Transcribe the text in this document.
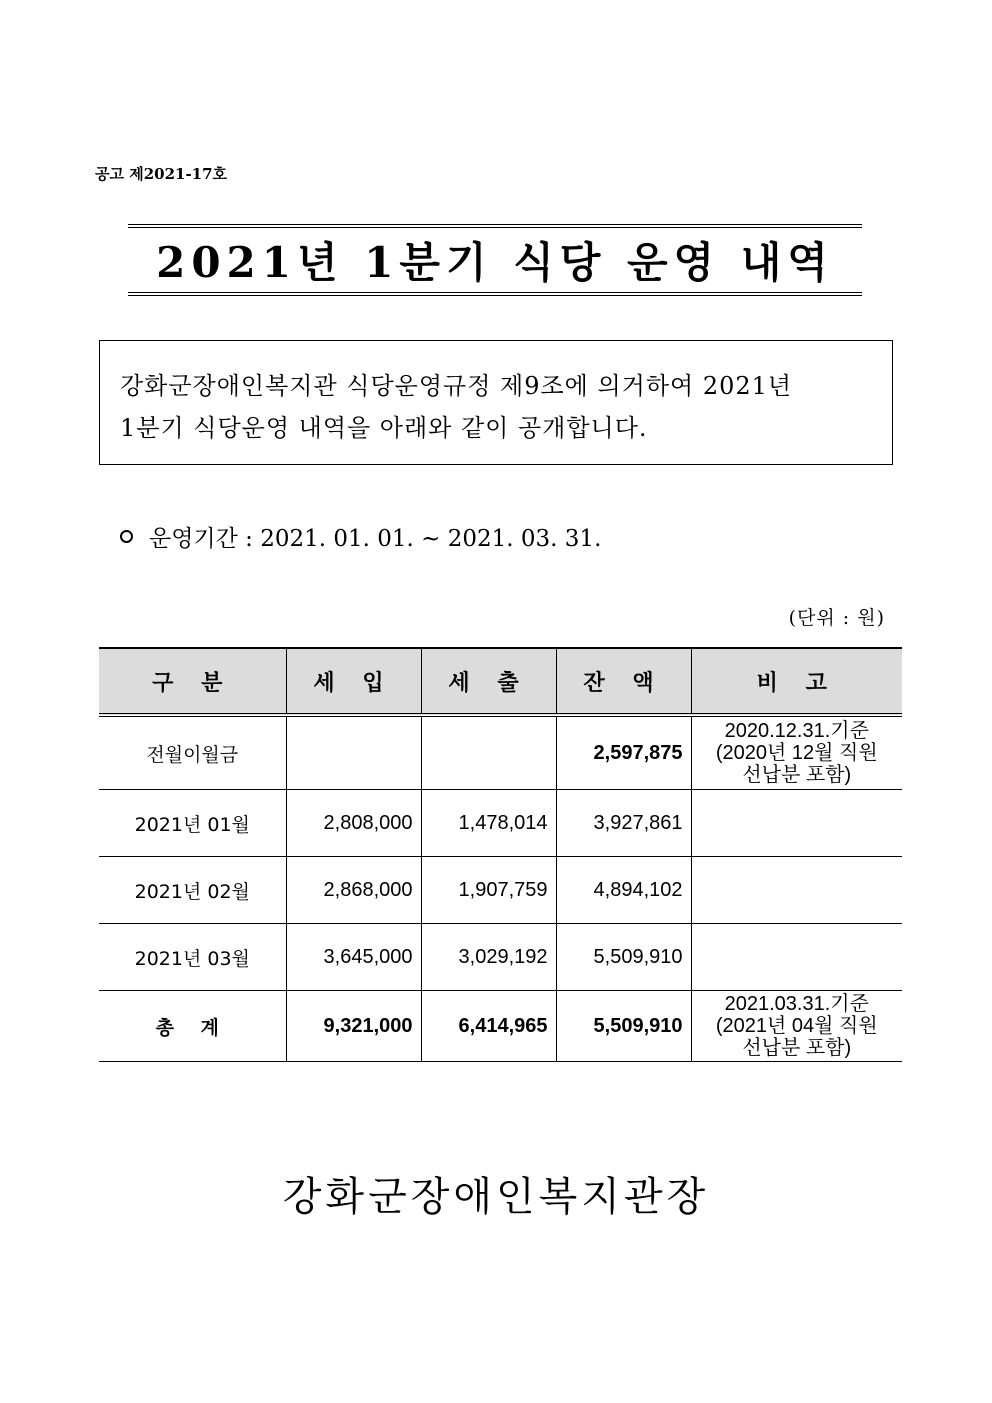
공고 제2021-17호
2021년 1분기 식당 운영 내역
강화군장애인복지관 식당운영규정 제9조에 의거하여 2021년
1분기 식당운영 내역을 아래와 같이 공개합니다.
운영기간 : 2021. 01. 01. ~ 2021. 03. 31.
(단위 : 원)
구 분	세 입	세 출	잔 액	비 고
전월이월금			2,597,875	2020.12.31.기준
(2020년 12월 직원
선납분 포함)

2021년 01월	2,808,000	1,478,014	3,927,861	
2021년 02월	2,868,000	1,907,759	4,894,102	
2021년 03월	3,645,000	3,029,192	5,509,910	
총 계	9,321,000	6,414,965	5,509,910	2021.03.31.기준
(2021년 04월 직원
선납분 포함)
강화군장애인복지관장
